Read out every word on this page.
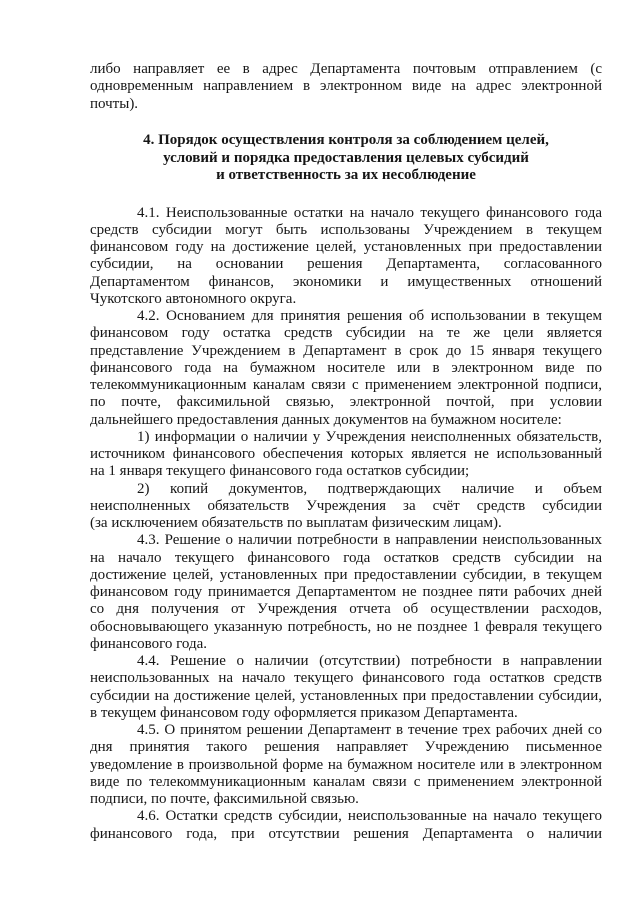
либо направляет ее в адрес Департамента почтовым отправлением (с
одновременным направлением в электронном виде на адрес электронной
почты).
4. Порядок осуществления контроля за соблюдением целей,
условий и порядка предоставления целевых субсидий
и ответственность за их несоблюдение
4.1. Неиспользованные остатки на начало текущего финансового года
средств субсидии могут быть использованы Учреждением в текущем
финансовом году на достижение целей, установленных при предоставлении
субсидии, на основании решения Департамента, согласованного
Департаментом финансов, экономики и имущественных отношений
Чукотского автономного округа.
4.2. Основанием для принятия решения об использовании в текущем
финансовом году остатка средств субсидии на те же цели является
представление Учреждением в Департамент в срок до 15 января текущего
финансового года на бумажном носителе или в электронном виде по
телекоммуникационным каналам связи с применением электронной подписи,
по почте, факсимильной связью, электронной почтой, при условии
дальнейшего предоставления данных документов на бумажном носителе:
1) информации о наличии у Учреждения неисполненных обязательств,
источником финансового обеспечения которых является не использованный
на 1 января текущего финансового года остатков субсидии;
2) копий документов, подтверждающих наличие и объем
неисполненных обязательств Учреждения за счёт средств субсидии
(за исключением обязательств по выплатам физическим лицам).
4.3. Решение о наличии потребности в направлении неиспользованных
на начало текущего финансового года остатков средств субсидии на
достижение целей, установленных при предоставлении субсидии, в текущем
финансовом году принимается Департаментом не позднее пяти рабочих дней
со дня получения от Учреждения отчета об осуществлении расходов,
обосновывающего указанную потребность, но не позднее 1 февраля текущего
финансового года.
4.4. Решение о наличии (отсутствии) потребности в направлении
неиспользованных на начало текущего финансового года остатков средств
субсидии на достижение целей, установленных при предоставлении субсидии,
в текущем финансовом году оформляется приказом Департамента.
4.5. О принятом решении Департамент в течение трех рабочих дней со
дня принятия такого решения направляет Учреждению письменное
уведомление в произвольной форме на бумажном носителе или в электронном
виде по телекоммуникационным каналам связи с применением электронной
подписи, по почте, факсимильной связью.
4.6. Остатки средств субсидии, неиспользованные на начало текущего
финансового года, при отсутствии решения Департамента о наличии
